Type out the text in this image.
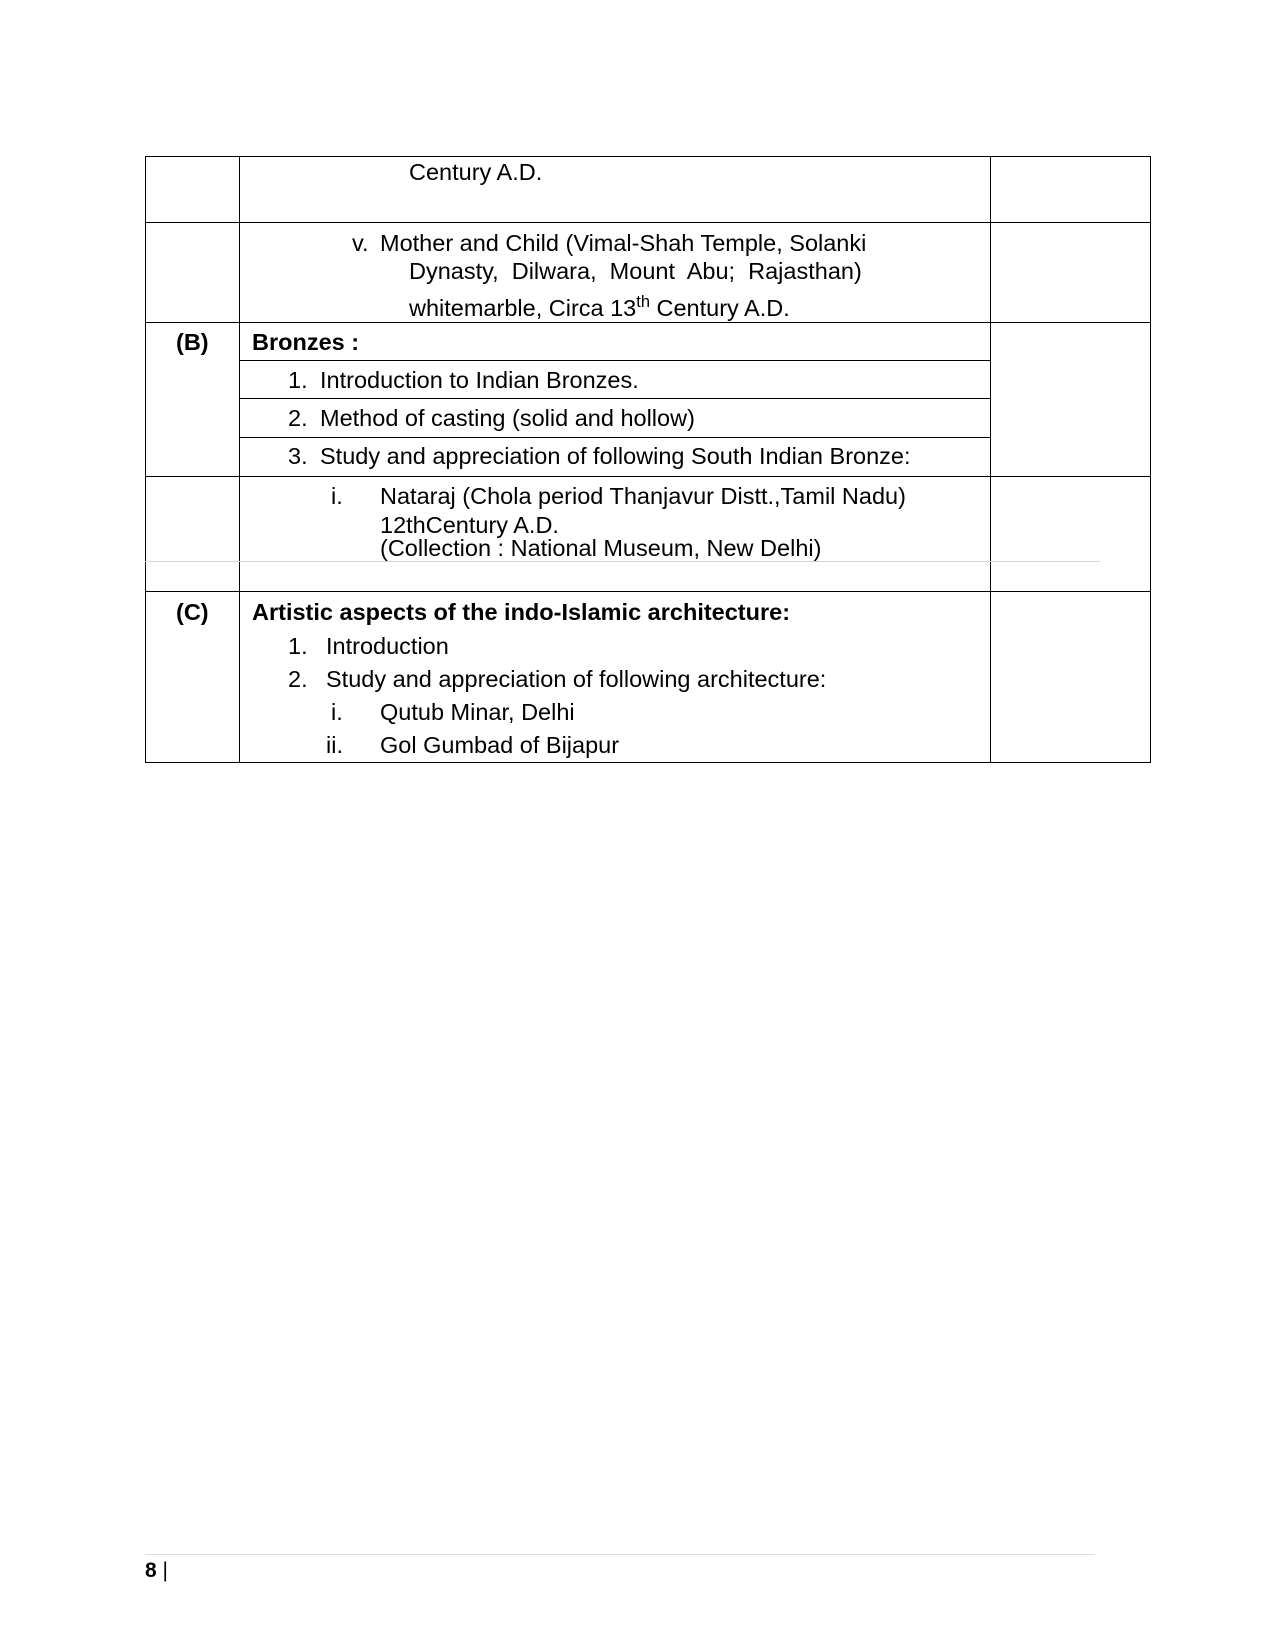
Century A.D.
v. Mother and Child (Vimal-Shah Temple, Solanki
Dynasty,  Dilwara,  Mount  Abu;  Rajasthan)
whitemarble, Circa 13th Century A.D.
(B) Bronzes :
1. Introduction to Indian Bronzes.
2. Method of casting (solid and hollow)
3. Study and appreciation of following South Indian Bronze:
i. Nataraj (Chola period Thanjavur Distt.,Tamil Nadu)
12thCentury A.D.
(Collection : National Museum, New Delhi)
(C) Artistic aspects of the indo-Islamic architecture:
1. Introduction
2. Study and appreciation of following architecture:
i. Qutub Minar, Delhi
ii. Gol Gumbad of Bijapur
8 |
